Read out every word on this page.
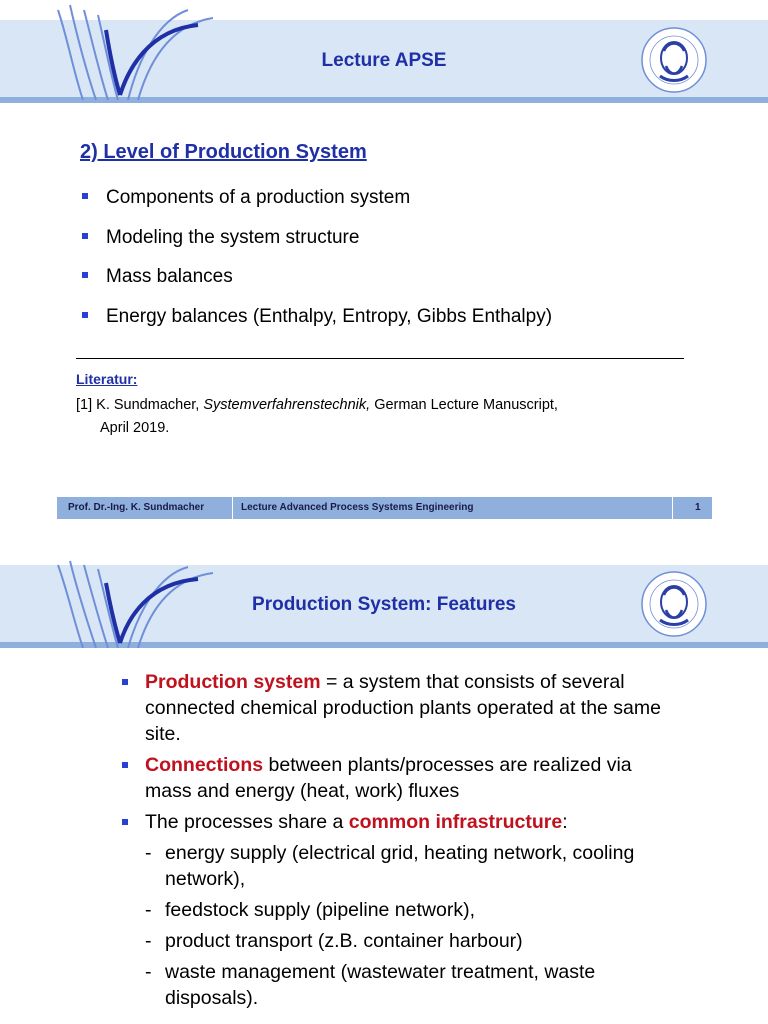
Lecture APSE
2) Level of Production System
Components of a production system
Modeling the system structure
Mass balances
Energy balances (Enthalpy, Entropy, Gibbs Enthalpy)
Literatur:
[1] K. Sundmacher, Systemverfahrenstechnik, German Lecture Manuscript,
April 2019.
Prof. Dr.-Ing. K. Sundmacher	Lecture Advanced Process Systems Engineering	1
Production System: Features
Production system = a system that consists of several connected chemical production plants operated at the same site.
Connections between plants/processes are realized via mass and energy (heat, work) fluxes
The processes share a common infrastructure:
- energy supply (electrical grid, heating network, cooling network),
- feedstock supply (pipeline network),
- product transport (z.B. container harbour)
- waste management (wastewater treatment, waste disposals).
